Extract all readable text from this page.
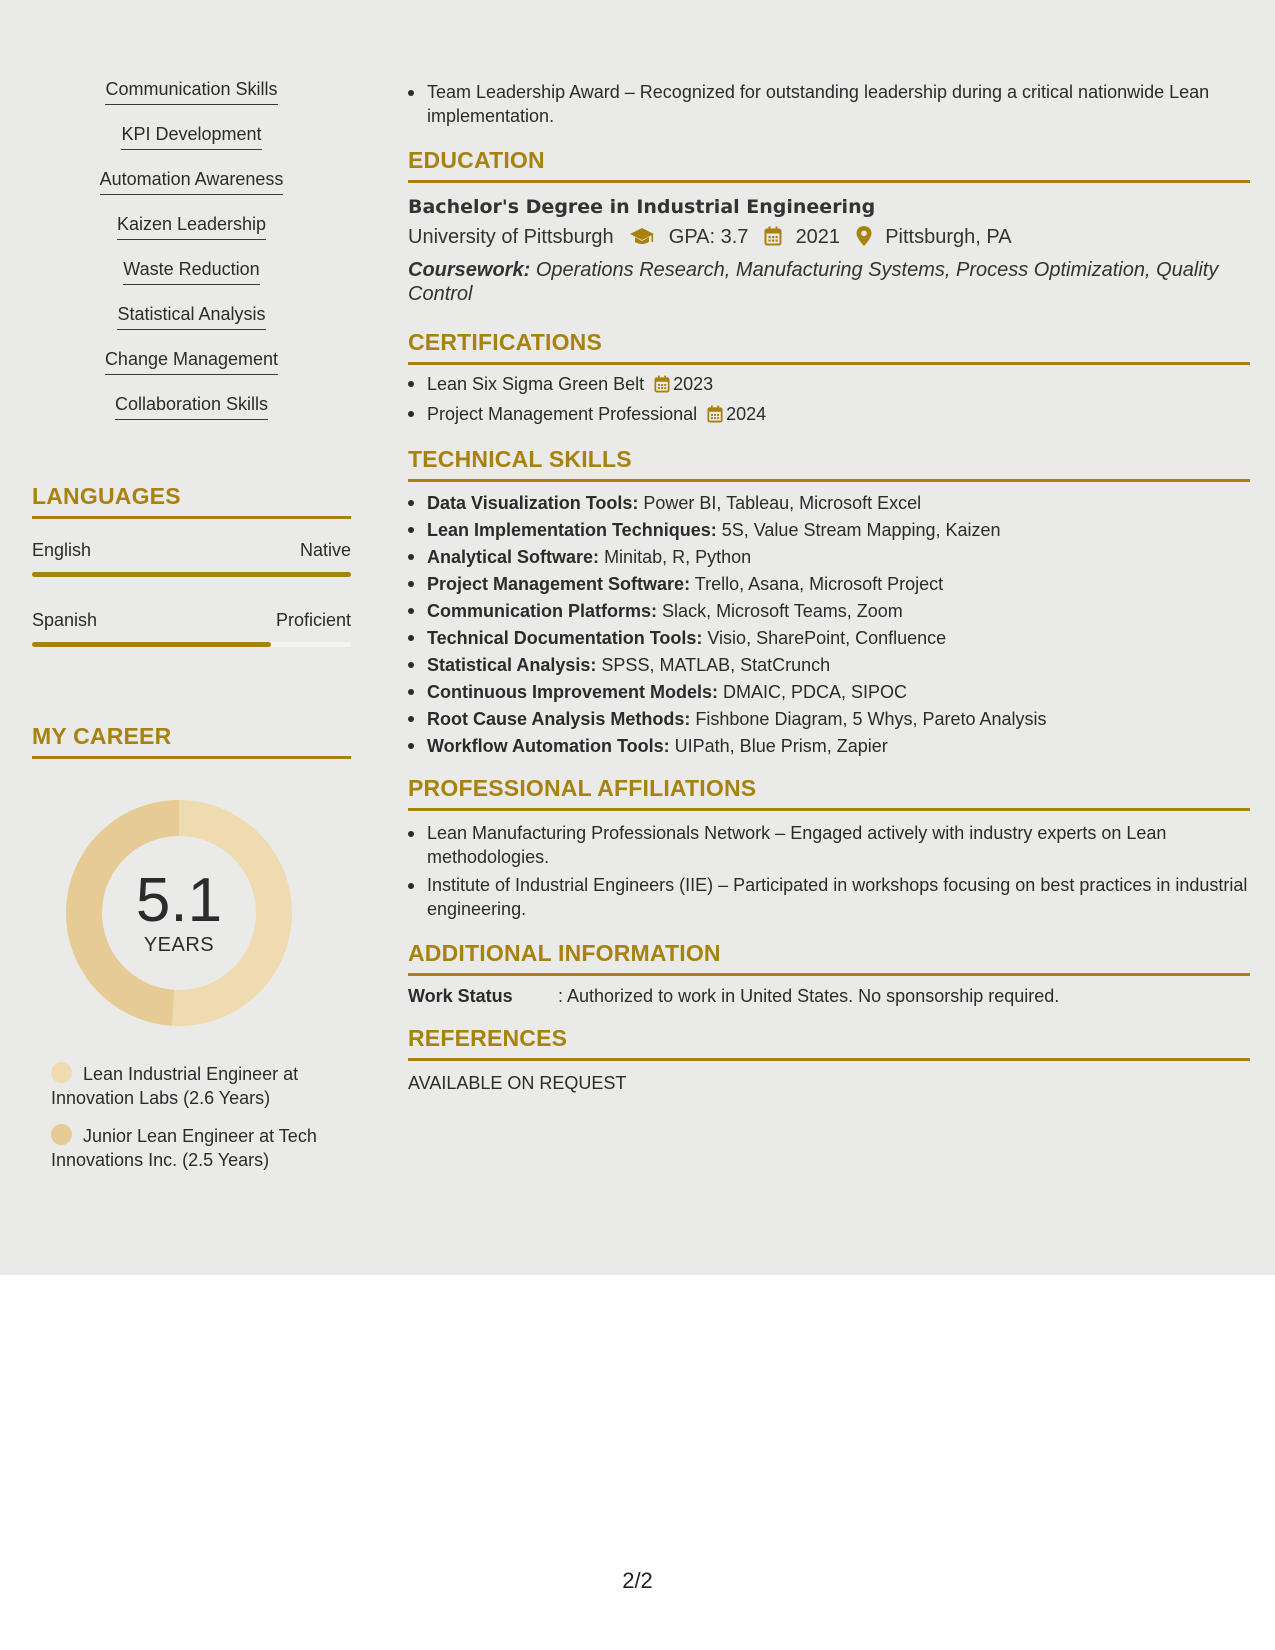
Communication Skills
KPI Development
Automation Awareness
Kaizen Leadership
Waste Reduction
Statistical Analysis
Change Management
Collaboration Skills
LANGUAGES
English	Native
Spanish	Proficient
MY CAREER
5.1
YEARS
Lean Industrial Engineer at Innovation Labs (2.6 Years)
Junior Lean Engineer at Tech Innovations Inc. (2.5 Years)
Team Leadership Award – Recognized for outstanding leadership during a critical nationwide Lean implementation.
EDUCATION
Bachelor's Degree in Industrial Engineering
University of Pittsburgh	GPA: 3.7 2021 Pittsburgh, PA
Coursework: Operations Research, Manufacturing Systems, Process Optimization, Quality Control
CERTIFICATIONS
Lean Six Sigma Green Belt 2023
Project Management Professional 2024
TECHNICAL SKILLS
Data Visualization Tools: Power BI, Tableau, Microsoft Excel
Lean Implementation Techniques: 5S, Value Stream Mapping, Kaizen
Analytical Software: Minitab, R, Python
Project Management Software: Trello, Asana, Microsoft Project
Communication Platforms: Slack, Microsoft Teams, Zoom
Technical Documentation Tools: Visio, SharePoint, Confluence
Statistical Analysis: SPSS, MATLAB, StatCrunch
Continuous Improvement Models: DMAIC, PDCA, SIPOC
Root Cause Analysis Methods: Fishbone Diagram, 5 Whys, Pareto Analysis
Workflow Automation Tools: UIPath, Blue Prism, Zapier
PROFESSIONAL AFFILIATIONS
Lean Manufacturing Professionals Network – Engaged actively with industry experts on Lean methodologies.
Institute of Industrial Engineers (IIE) – Participated in workshops focusing on best practices in industrial engineering.
ADDITIONAL INFORMATION
Work Status	: Authorized to work in United States. No sponsorship required.
REFERENCES
AVAILABLE ON REQUEST
2/2
